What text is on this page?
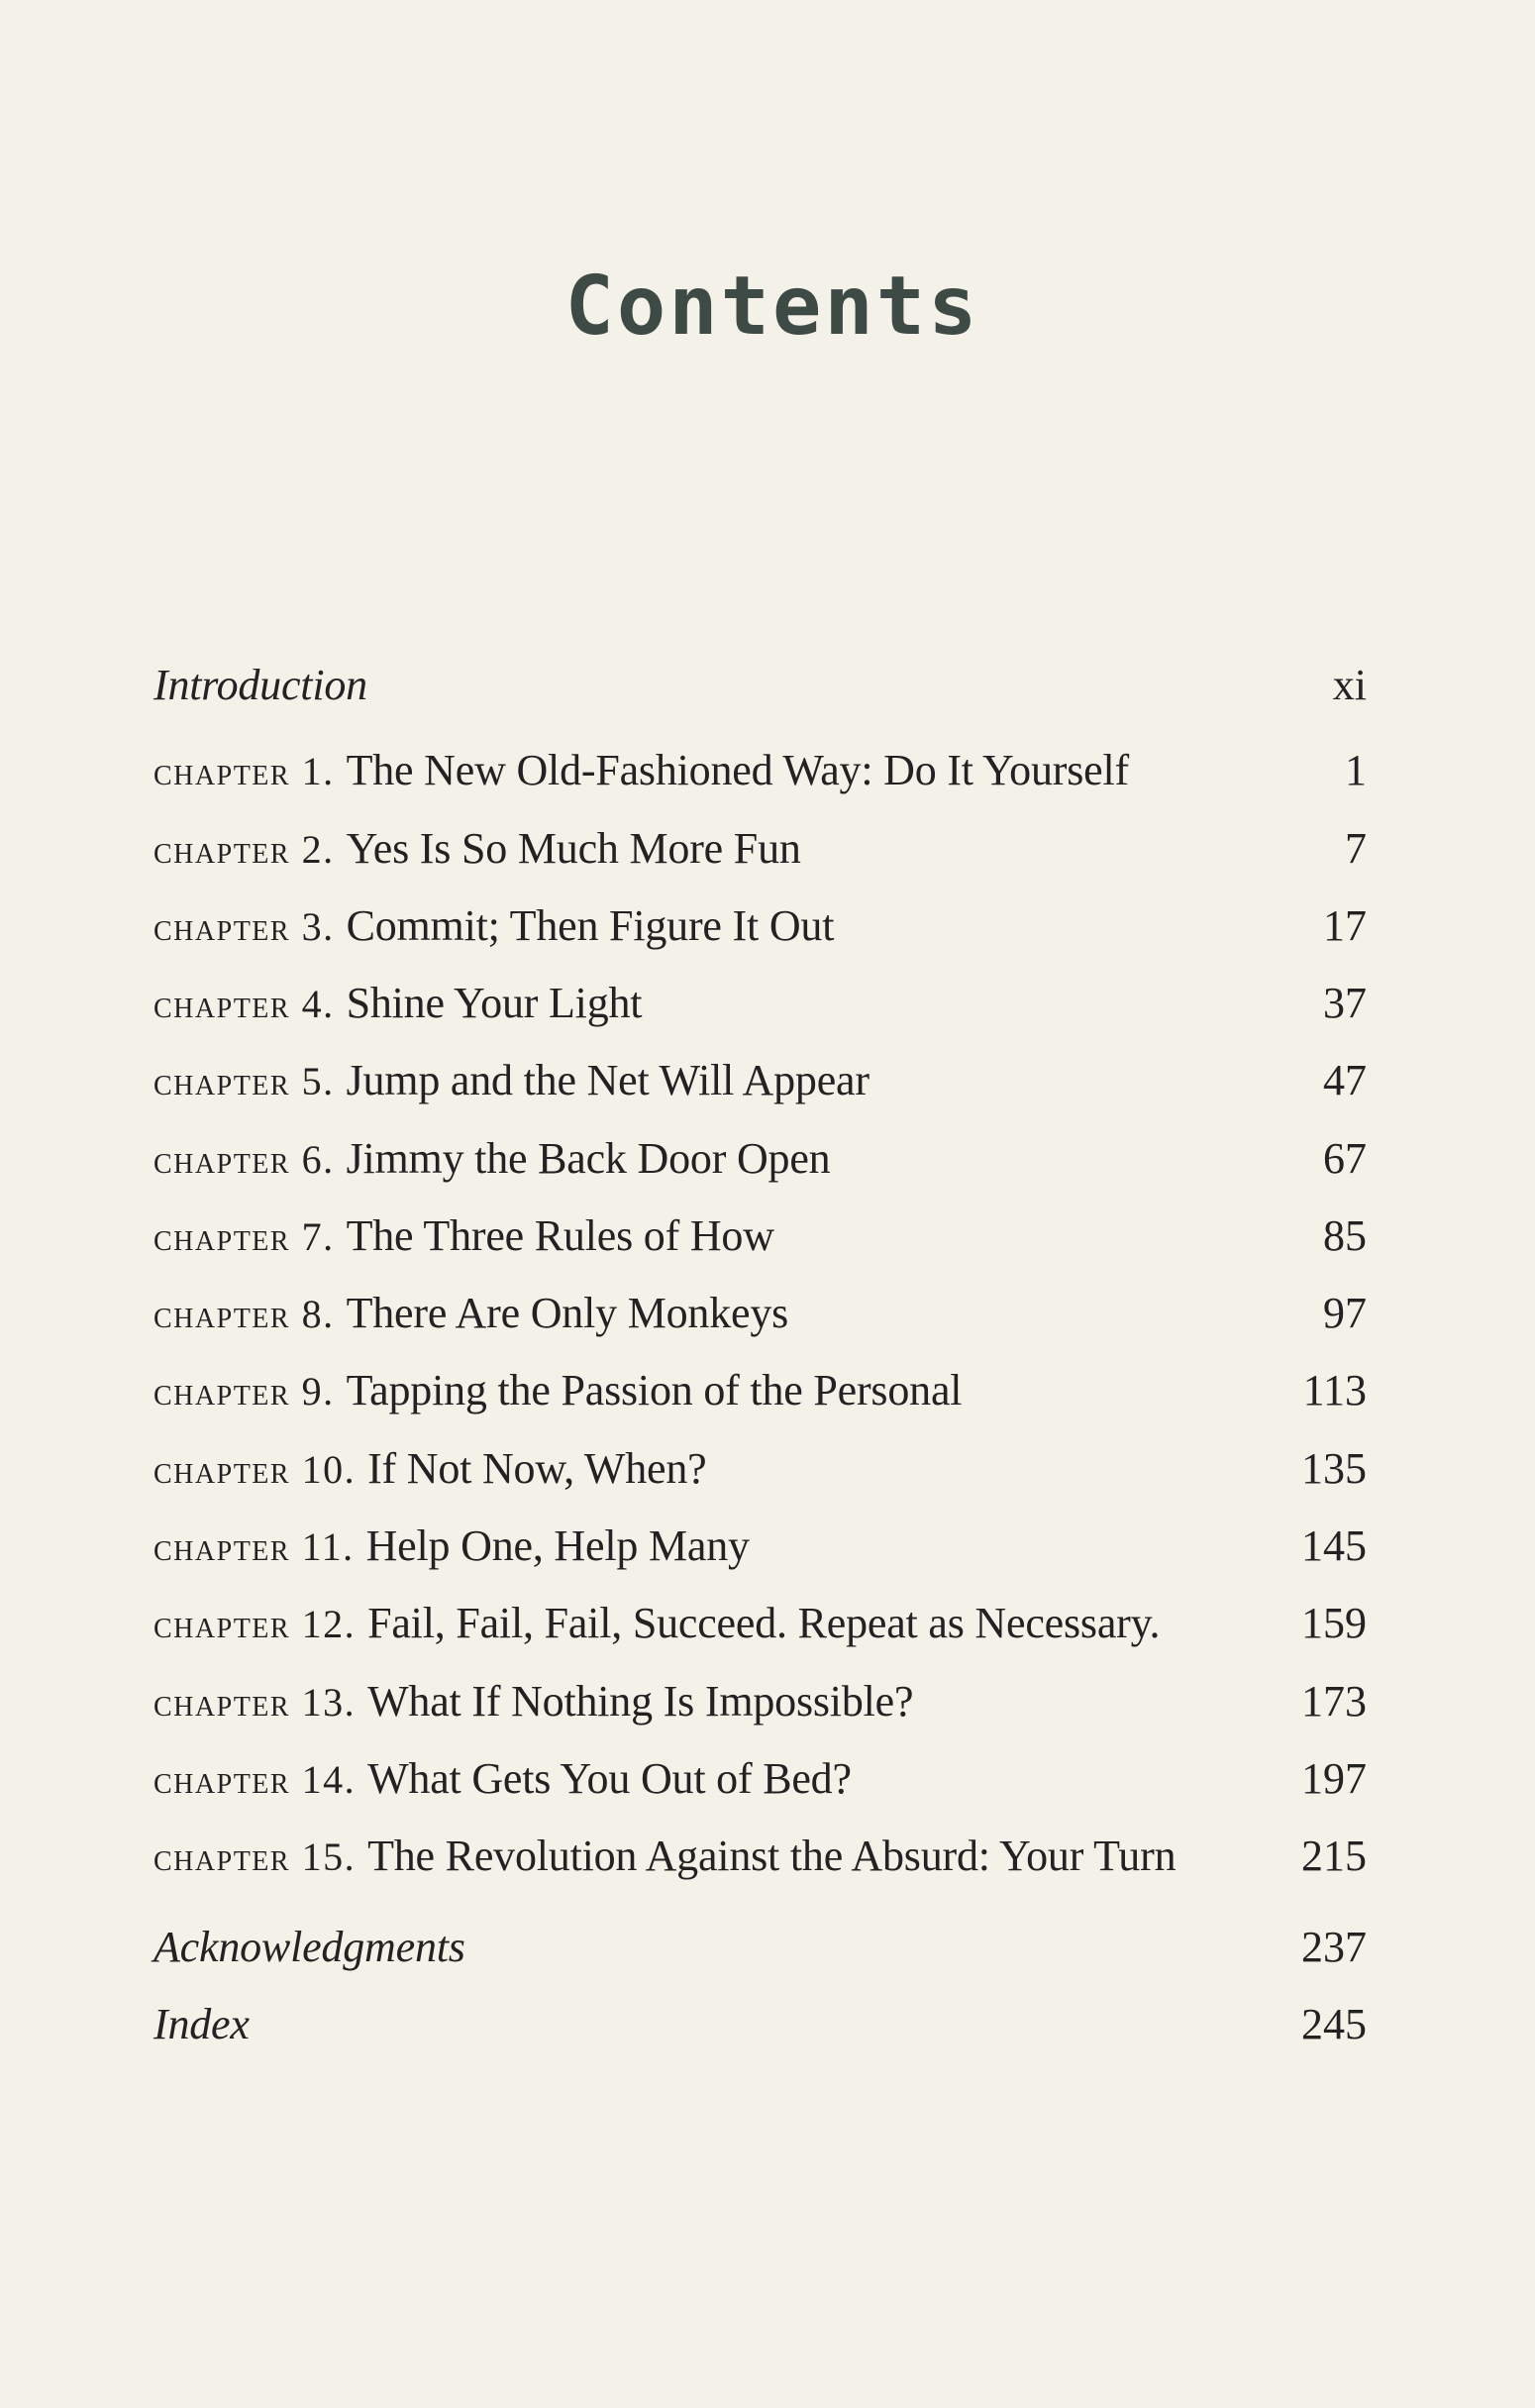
Contents
Introduction	xi
chapter 1. The New Old-Fashioned Way: Do It Yourself	1
chapter 2. Yes Is So Much More Fun	7
chapter 3. Commit; Then Figure It Out	17
chapter 4. Shine Your Light	37
chapter 5. Jump and the Net Will Appear	47
chapter 6. Jimmy the Back Door Open	67
chapter 7. The Three Rules of How	85
chapter 8. There Are Only Monkeys	97
chapter 9. Tapping the Passion of the Personal	113
chapter 10. If Not Now, When?	135
chapter 11. Help One, Help Many	145
chapter 12. Fail, Fail, Fail, Succeed. Repeat as Necessary.	159
chapter 13. What If Nothing Is Impossible?	173
chapter 14. What Gets You Out of Bed?	197
chapter 15. The Revolution Against the Absurd: Your Turn	215
Acknowledgments	237
Index	245
